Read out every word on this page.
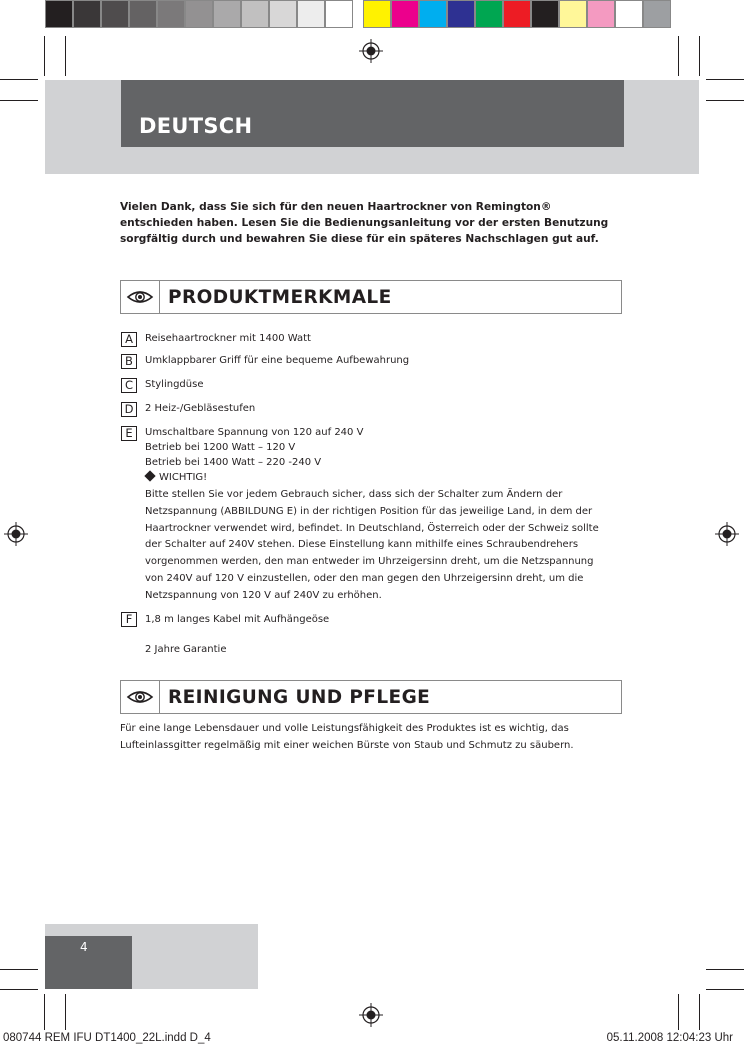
DEUTSCH
Vielen Dank, dass Sie sich für den neuen Haartrockner von Remington® entschieden haben. Lesen Sie die Bedienungsanleitung vor der ersten Benutzung sorgfältig durch und bewahren Sie diese für ein späteres Nachschlagen gut auf.
PRODUKTMERKMALE
A	Reisehaartrockner mit 1400 Watt
B	Umklappbarer Griff für eine bequeme Aufbewahrung
C	Stylingdüse
D	2 Heiz-/Gebläsestufen
E	Umschaltbare Spannung von 120 auf 240 V
Betrieb bei 1200 Watt – 120 V
Betrieb bei 1400 Watt – 220 -240 V
WICHTIG!
Bitte stellen Sie vor jedem Gebrauch sicher, dass sich der Schalter zum Ändern der Netzspannung (ABBILDUNG E) in der richtigen Position für das jeweilige Land, in dem der Haartrockner verwendet wird, befindet. In Deutschland, Österreich oder der Schweiz sollte der Schalter auf 240V stehen. Diese Einstellung kann mithilfe eines Schraubendrehers vorgenommen werden, den man entweder im Uhrzeigersinn dreht, um die Netzspannung von 240V auf 120 V einzustellen, oder den man gegen den Uhrzeigersinn dreht, um die Netzspannung von 120 V auf 240V zu erhöhen.
F	1,8 m langes Kabel mit Aufhängeöse
2 Jahre Garantie
REINIGUNG UND PFLEGE
Für eine lange Lebensdauer und volle Leistungsfähigkeit des Produktes ist es wichtig, das Lufteinlassgitter regelmäßig mit einer weichen Bürste von Staub und Schmutz zu säubern.
4
080744 REM IFU DT1400_22L.indd D_4	05.11.2008 12:04:23 Uhr
